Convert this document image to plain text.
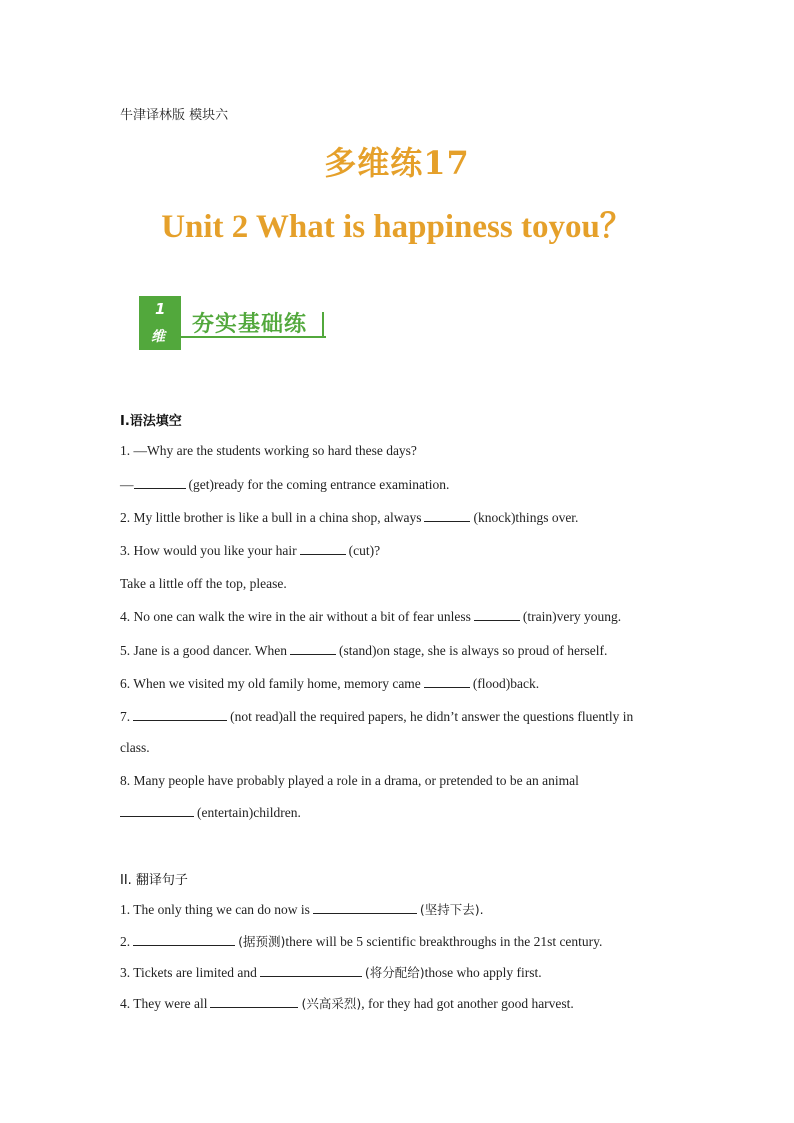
牛津译林版 模块六
多维练17
Unit 2 What is happiness toyou？
1
维 夯实基础练
I.语法填空
1. —Why are the students working so hard these days?
—	(get)ready for the coming entrance examination.
2. My little brother is like a bull in a china shop, always	(knock)things over.
3. How would you like your hair	(cut)?
Take a little off the top, please.
4. No one can walk the wire in the air without a bit of fear unless	(train)very young.
5. Jane is a good dancer. When	(stand)on stage, she is always so proud of herself.
6. When we visited my old family home, memory came	(flood)back.
7.	(not read)all the required papers, he didn’t answer the questions fluently in
class.
8. Many people have probably played a role in a drama, or pretended to be an animal
(entertain)children.
II. 翻译句子
1. The only thing we can do now is	(坚持下去).
2.	(据预测)there will be 5 scientific breakthroughs in the 21st century.
3. Tickets are limited and	(将分配给)those who apply first.
4. They were all	(兴高采烈), for they had got another good harvest.
